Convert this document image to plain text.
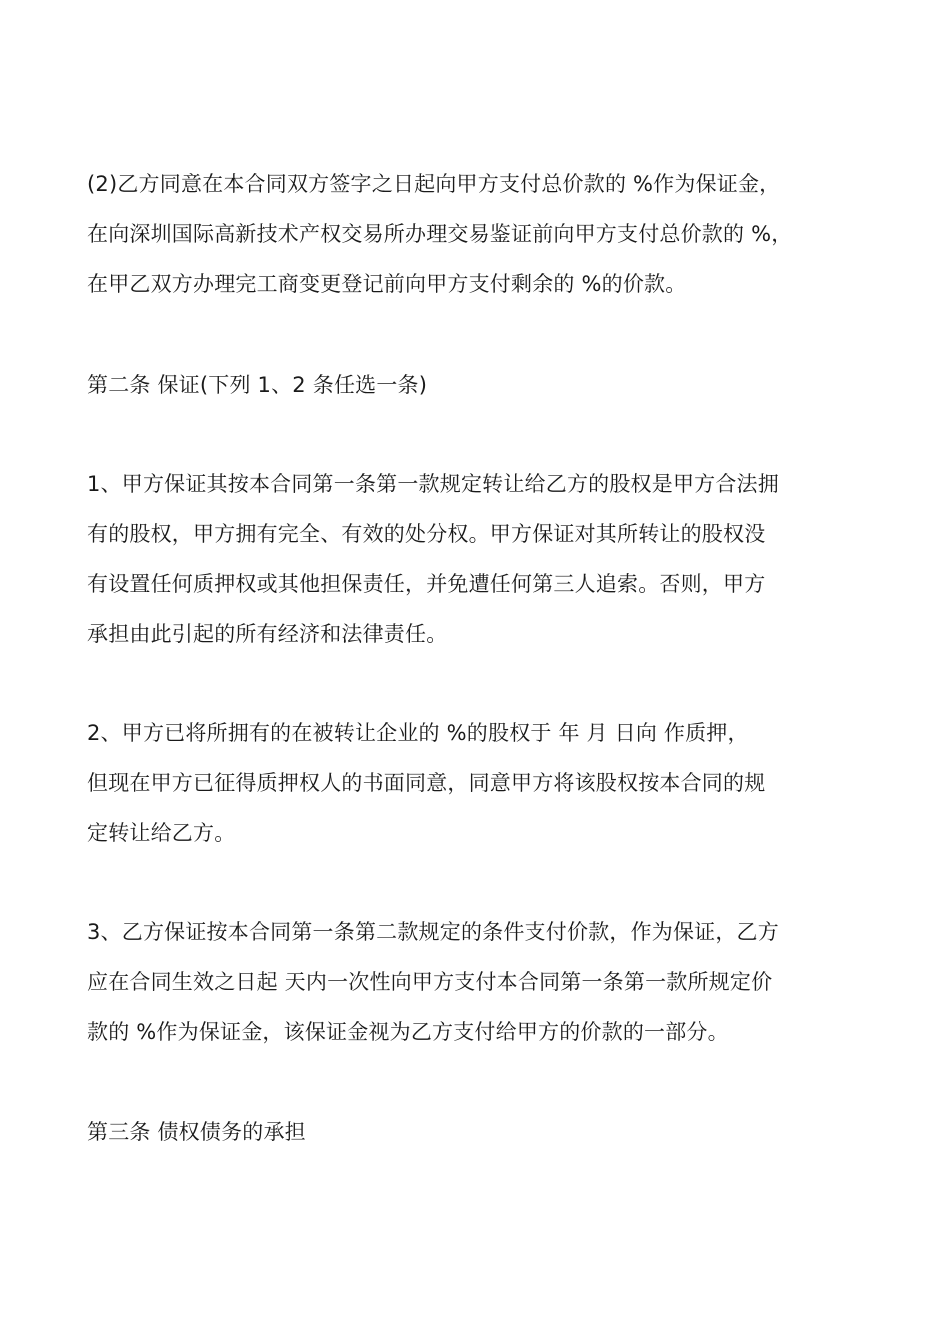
(2)乙方同意在本合同双方签字之日起向甲方支付总价款的 %作为保证金，
在向深圳国际高新技术产权交易所办理交易鉴证前向甲方支付总价款的 %，
在甲乙双方办理完工商变更登记前向甲方支付剩余的 %的价款。
第二条 保证(下列 1、2 条任选一条)
1、甲方保证其按本合同第一条第一款规定转让给乙方的股权是甲方合法拥
有的股权，甲方拥有完全、有效的处分权。甲方保证对其所转让的股权没
有设置任何质押权或其他担保责任，并免遭任何第三人追索。否则，甲方
承担由此引起的所有经济和法律责任。
2、甲方已将所拥有的在被转让企业的 %的股权于 年 月 日向 作质押，
但现在甲方已征得质押权人的书面同意，同意甲方将该股权按本合同的规
定转让给乙方。
3、乙方保证按本合同第一条第二款规定的条件支付价款，作为保证，乙方
应在合同生效之日起 天内一次性向甲方支付本合同第一条第一款所规定价
款的 %作为保证金，该保证金视为乙方支付给甲方的价款的一部分。
第三条 债权债务的承担
